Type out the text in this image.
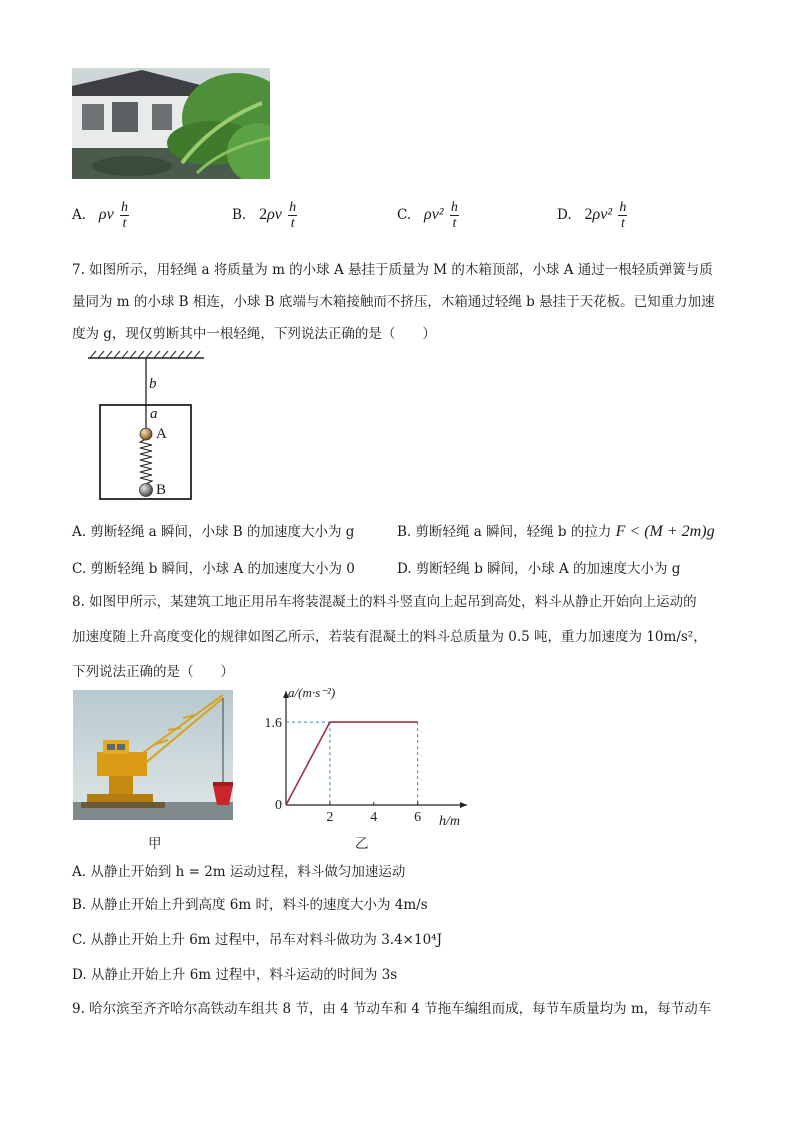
A. ρv $\frac{h}{t}$	B. $2\rho v \frac{h}{t}$	C. $\rho v^2 \frac{h}{t}$	D. $2\rho v^2 \frac{h}{t}$
7. 如图所示，用轻绳 a 将质量为 m 的小球 A 悬挂于质量为 M 的木箱顶部，小球 A 通过一根轻质弹簧与质
量同为 m 的小球 B 相连，小球 B 底端与木箱接触而不挤压，木箱通过轻绳 b 悬挂于天花板。已知重力加速
度为 g，现仅剪断其中一根轻绳，下列说法正确的是（　　）
b
a
A
B
A. 剪断轻绳 a 瞬间，小球 B 的加速度大小为 g	B. 剪断轻绳 a 瞬间，轻绳 b 的拉力 F < (M + 2m)g
C. 剪断轻绳 b 瞬间，小球 A 的加速度大小为 0	D. 剪断轻绳 b 瞬间，小球 A 的加速度大小为 g
8. 如图甲所示，某建筑工地正用吊车将装混凝土的料斗竖直向上起吊到高处，料斗从静止开始向上运动的
加速度随上升高度变化的规律如图乙所示，若装有混凝土的料斗总质量为 0.5 吨，重力加速度为 10m/s²，
下列说法正确的是（　　）
甲
2	4	6
1.6
0
a/(m·s⁻²)
h/m
乙
A. 从静止开始到 h = 2m 运动过程，料斗做匀加速运动
B. 从静止开始上升到高度 6m 时，料斗的速度大小为 4m/s
C. 从静止开始上升 6m 过程中，吊车对料斗做功为 3.4×10⁴J
D. 从静止开始上升 6m 过程中，料斗运动的时间为 3s
9. 哈尔滨至齐齐哈尔高铁动车组共 8 节，由 4 节动车和 4 节拖车编组而成，每节车质量均为 m，每节动车
